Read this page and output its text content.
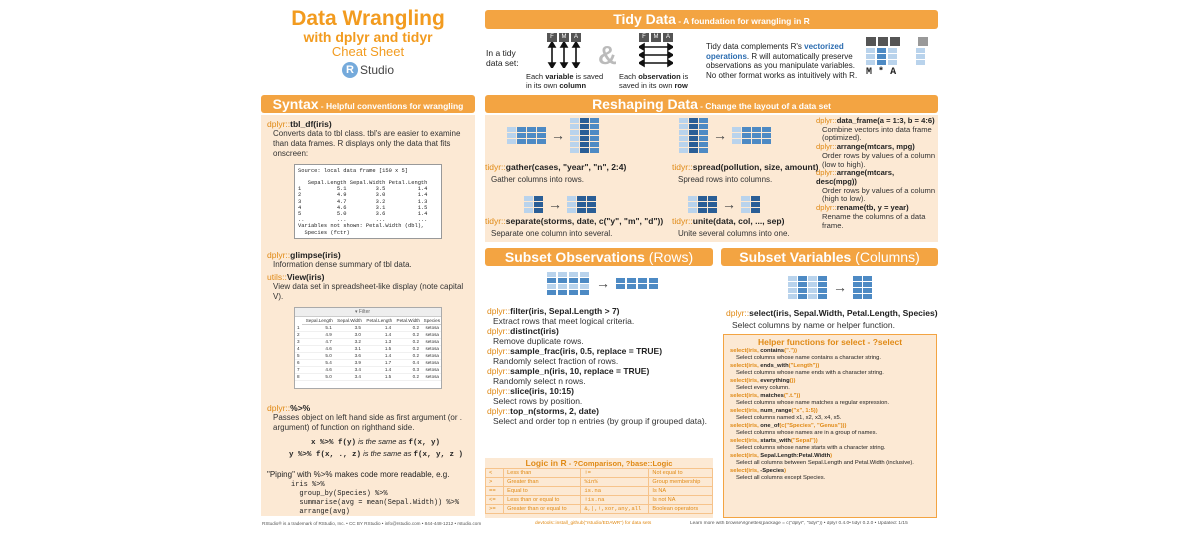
Data Wrangling
with dplyr and tidyr
Cheat Sheet
R Studio
Tidy Data - A foundation for wrangling in R
In a tidy
data set:
F	M	A
Each variable is saved
in its own column
&
F	M	A
Each observation is
saved in its own row
Tidy data complements R's vectorized operations. R will automatically preserve observations as you manipulate variables. No other format works as intuitively with R. M * A
Syntax - Helpful conventions for wrangling
dplyr::tbl_df(iris)
Converts data to tbl class. tbl's are easier to examine than data frames. R displays only the data that fits onscreen:
Source: local data frame [150 x 5]

Sepal.Length Sepal.Width Petal.Length
1           5.1         3.5          1.4
2           4.9         3.0          1.4
3           4.7         3.2          1.3
4           4.6         3.1          1.5
5           5.0         3.6          1.4
..          ...         ...          ...
Variables not shown: Petal.Width (dbl),
Species (fctr)
dplyr::glimpse(iris)
Information dense summary of tbl data.
utils::View(iris)
View data set in spreadsheet-like display (note capital V).
▾ Filter
	Sepal.Length	Sepal.Width	Petal.Length	Petal.Width	Species
1	5.1	3.5	1.4	0.2	setosa
2	4.9	3.0	1.4	0.2	setosa
3	4.7	3.2	1.3	0.2	setosa
4	4.6	3.1	1.5	0.2	setosa
5	5.0	3.6	1.4	0.2	setosa
6	5.4	3.9	1.7	0.4	setosa
7	4.6	3.4	1.4	0.3	setosa
8	5.0	3.4	1.5	0.2	setosa
dplyr::%>%
Passes object on left hand side as first argument (or . argument) of function on righthand side.
x %>% f(y) is the same as f(x, y)
y %>% f(x, ., z) is the same as f(x, y, z )
"Piping" with %>% makes code more readable, e.g.
iris %>%
group_by(Species) %>%
summarise(avg = mean(Sepal.Width)) %>%
arrange(avg)
Reshaping Data - Change the layout of a data set
→
tidyr::gather(cases, "year", "n", 2:4)
Gather columns into rows.
→
tidyr::spread(pollution, size, amount)
Spread rows into columns.
→
tidyr::separate(storms, date, c("y", "m", "d"))
Separate one column into several.
→
tidyr::unite(data, col, ..., sep)
Unite several columns into one.
dplyr::data_frame(a = 1:3, b = 4:6)
Combine vectors into data frame (optimized).
dplyr::arrange(mtcars, mpg)
Order rows by values of a column (low to high).
dplyr::arrange(mtcars, desc(mpg))
Order rows by values of a column (high to low).
dplyr::rename(tb, y = year)
Rename the columns of a data frame.
Subset Observations (Rows)
→
dplyr::filter(iris, Sepal.Length > 7)
Extract rows that meet logical criteria.
dplyr::distinct(iris)
Remove duplicate rows.
dplyr::sample_frac(iris, 0.5, replace = TRUE)
Randomly select fraction of rows.
dplyr::sample_n(iris, 10, replace = TRUE)
Randomly select n rows.
dplyr::slice(iris, 10:15)
Select rows by position.
dplyr::top_n(storms, 2, date)
Select and order top n entries (by group if grouped data).
Logic in R - ?Comparison, ?base::Logic
<	Less than	!=	Not equal to
>	Greater than	%in%	Group membership
==	Equal to	is.na	Is NA
<=	Less than or equal to	!is.na	Is not NA
>=	Greater than or equal to	&,|,!,xor,any,all	Boolean operators
Subset Variables (Columns)
→
dplyr::select(iris, Sepal.Width, Petal.Length, Species)
Select columns by name or helper function.
Helper functions for select - ?select
select(iris, contains("."))
Select columns whose name contains a character string.
select(iris, ends_with("Length"))
Select columns whose name ends with a character string.
select(iris, everything())
Select every column.
select(iris, matches(".t."))
Select columns whose name matches a regular expression.
select(iris, num_range("x", 1:5))
Select columns named x1, x2, x3, x4, x5.
select(iris, one_of(c("Species", "Genus")))
Select columns whose names are in a group of names.
select(iris, starts_with("Sepal"))
Select columns whose name starts with a character string.
select(iris, Sepal.Length:Petal.Width)
Select all columns between Sepal.Length and Petal.Width (inclusive).
select(iris, -Species)
Select all columns except Species.
RStudio® is a trademark of RStudio, Inc. • CC BY RStudio • info@rstudio.com • 844-448-1212 • rstudio.com	devtools::install_github("rstudio/EDAWR") for data sets	Learn more with browseVignettes(package = c("dplyr", "tidyr")) • dplyr 0.4.0• tidyr 0.2.0 • Updated: 1/15
